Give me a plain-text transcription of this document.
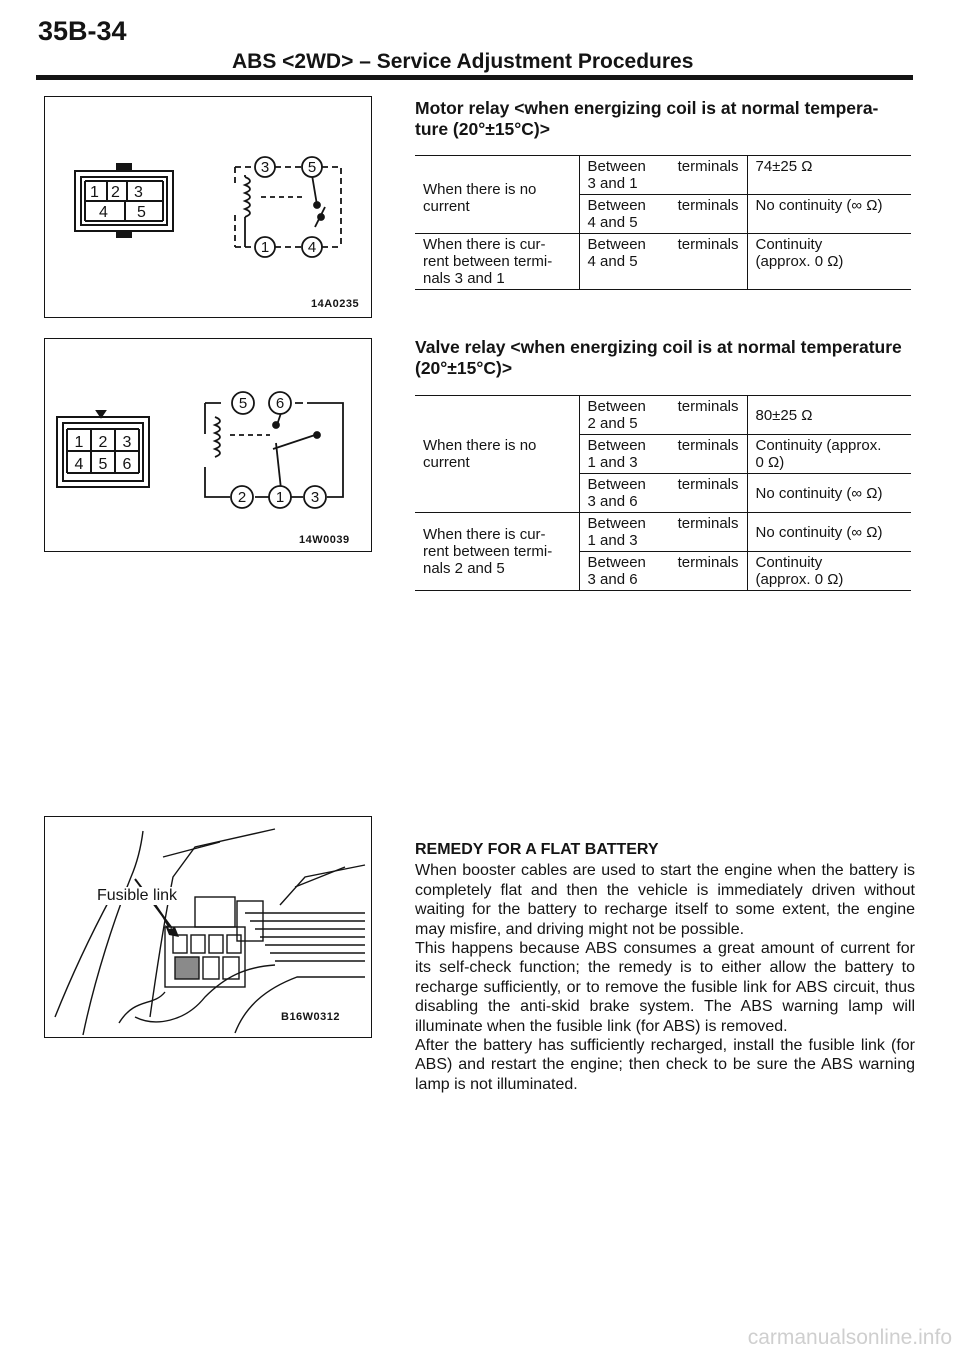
35B-34
ABS <2WD> – Service Adjustment Procedures
1 2 3
4 5
3	5
1	4
14A0235
1 2 3
4 5 6
5 6
2 1 3
14W0039
Fusible link
B16W0312
Motor relay <when energizing coil is at normal tempera-
ture (20°±15°C)>
When there is no current	Between terminals
3 and 1	74±25 Ω

	Between terminals
4 and 5	No continuity (∞ Ω)

When there is cur-
rent between termi-
nals 3 and 1	Between terminals
4 and 5	Continuity
(approx. 0 Ω)
Valve relay <when energizing coil is at normal temperature
(20°±15°C)>
When there is no current	Between terminals
2 and 5	80±25 Ω

	Between terminals
1 and 3	Continuity (approx.
0 Ω)

	Between terminals
3 and 6	No continuity (∞ Ω)

When there is cur-
rent between termi-
nals 2 and 5	Between terminals
1 and 3	No continuity (∞ Ω)

	Between terminals
3 and 6	Continuity
(approx. 0 Ω)
REMEDY FOR A FLAT BATTERY

When booster cables are used to start the engine when the battery is completely flat and then the vehicle is immediately driven without waiting for the battery to recharge itself to some extent, the engine may misfire, and driving might not be possible.

This happens because ABS consumes a great amount of current for its self-check function; the remedy is to either allow the battery to recharge sufficiently, or to remove the fusible link for ABS circuit, thus disabling the anti-skid brake system. The ABS warning lamp will illuminate when the fusible link (for ABS) is removed.

After the battery has sufficiently recharged, install the fusible link (for ABS) and restart the engine; then check to be sure the ABS warning lamp is not illuminated.

carmanualsonline.info
